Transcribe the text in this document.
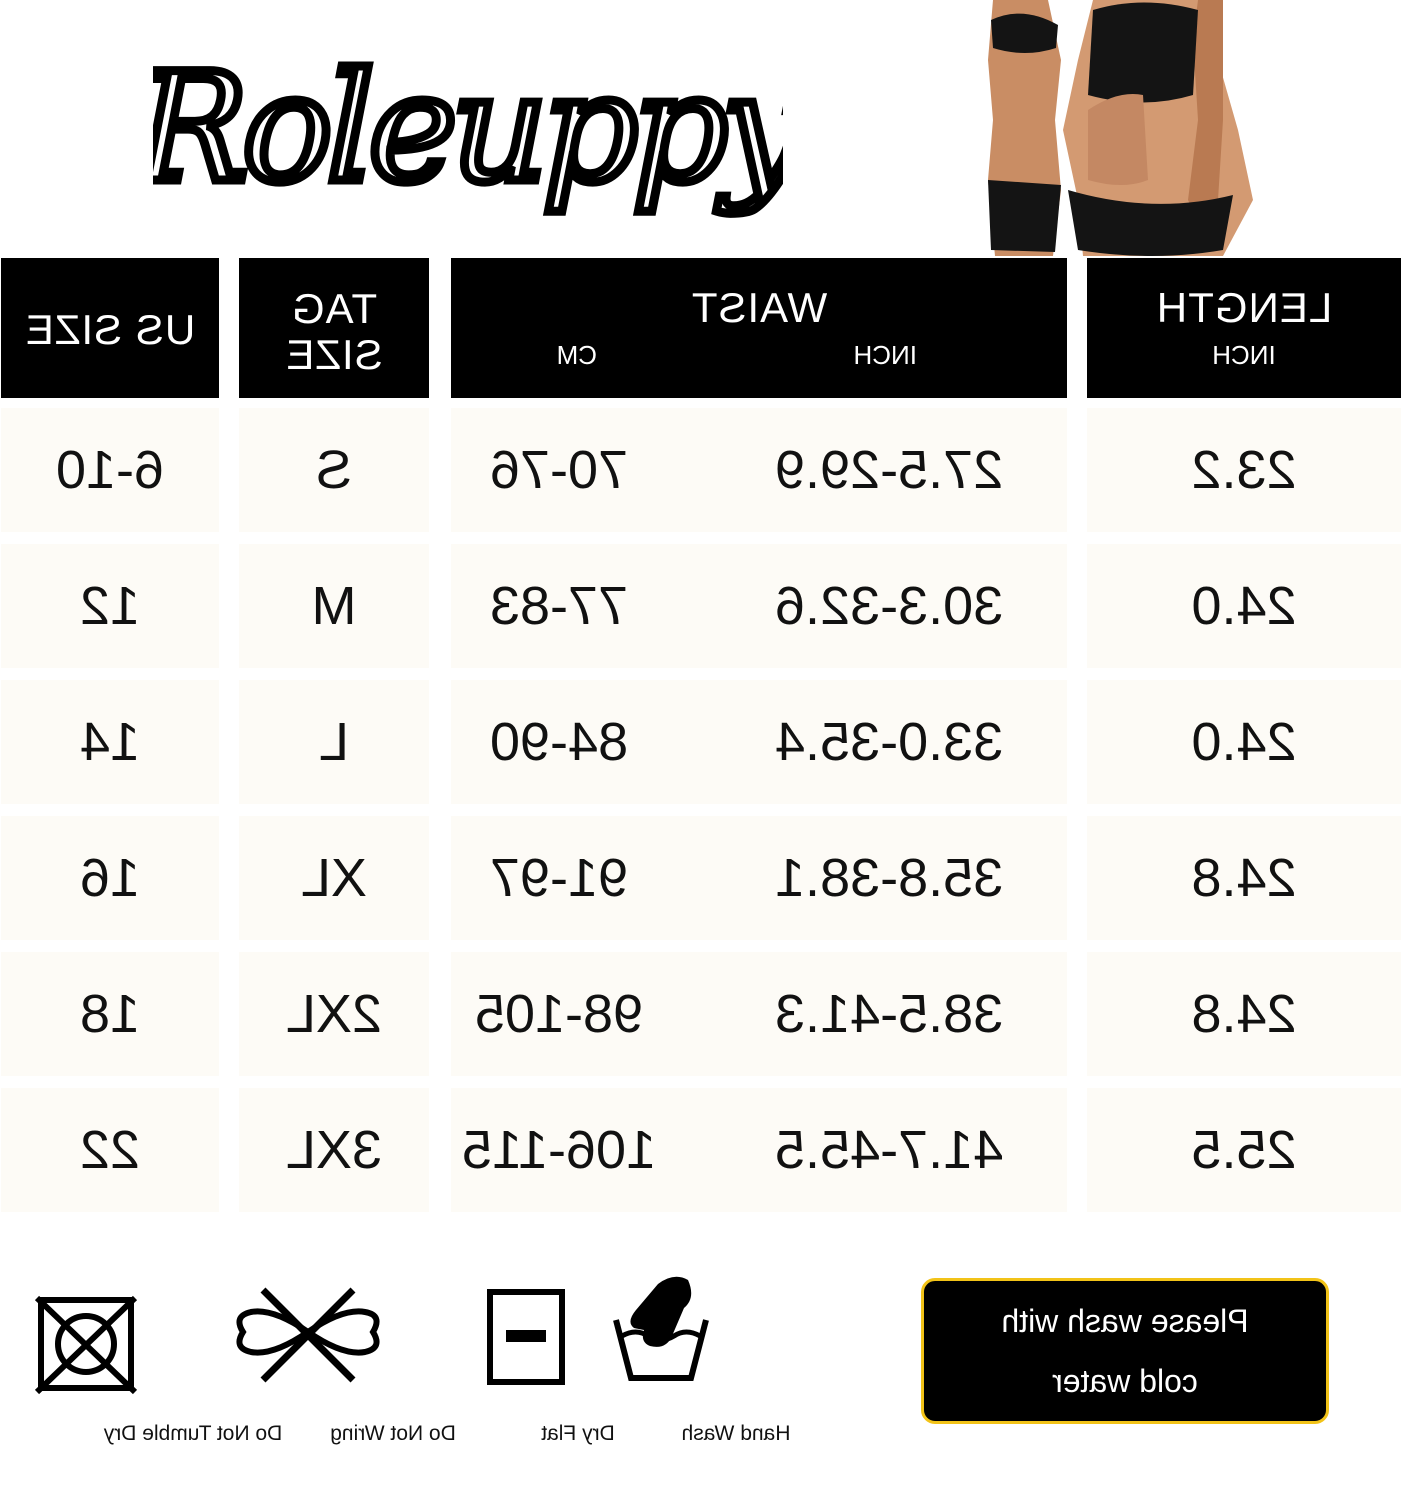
Roleuppy
LENGTH
INCH
WAIST
INCH
CM
TAG SIZE
US SIZE
23.2
27.5-29.9
70-76
S
6-10
24.0
30.3-32.6
77-83
M
12
24.0
33.0-35.4
84-90
L
14
24.8
35.8-38.1
91-97
XL
16
24.8
38.5-41.3
98-105
2XL
18
25.5
41.7-45.5
106-115
3XL
22
Please wash with cold water
Hand Wash
Dry Flat
Do Not Wring
Do Not Tumble Dry
